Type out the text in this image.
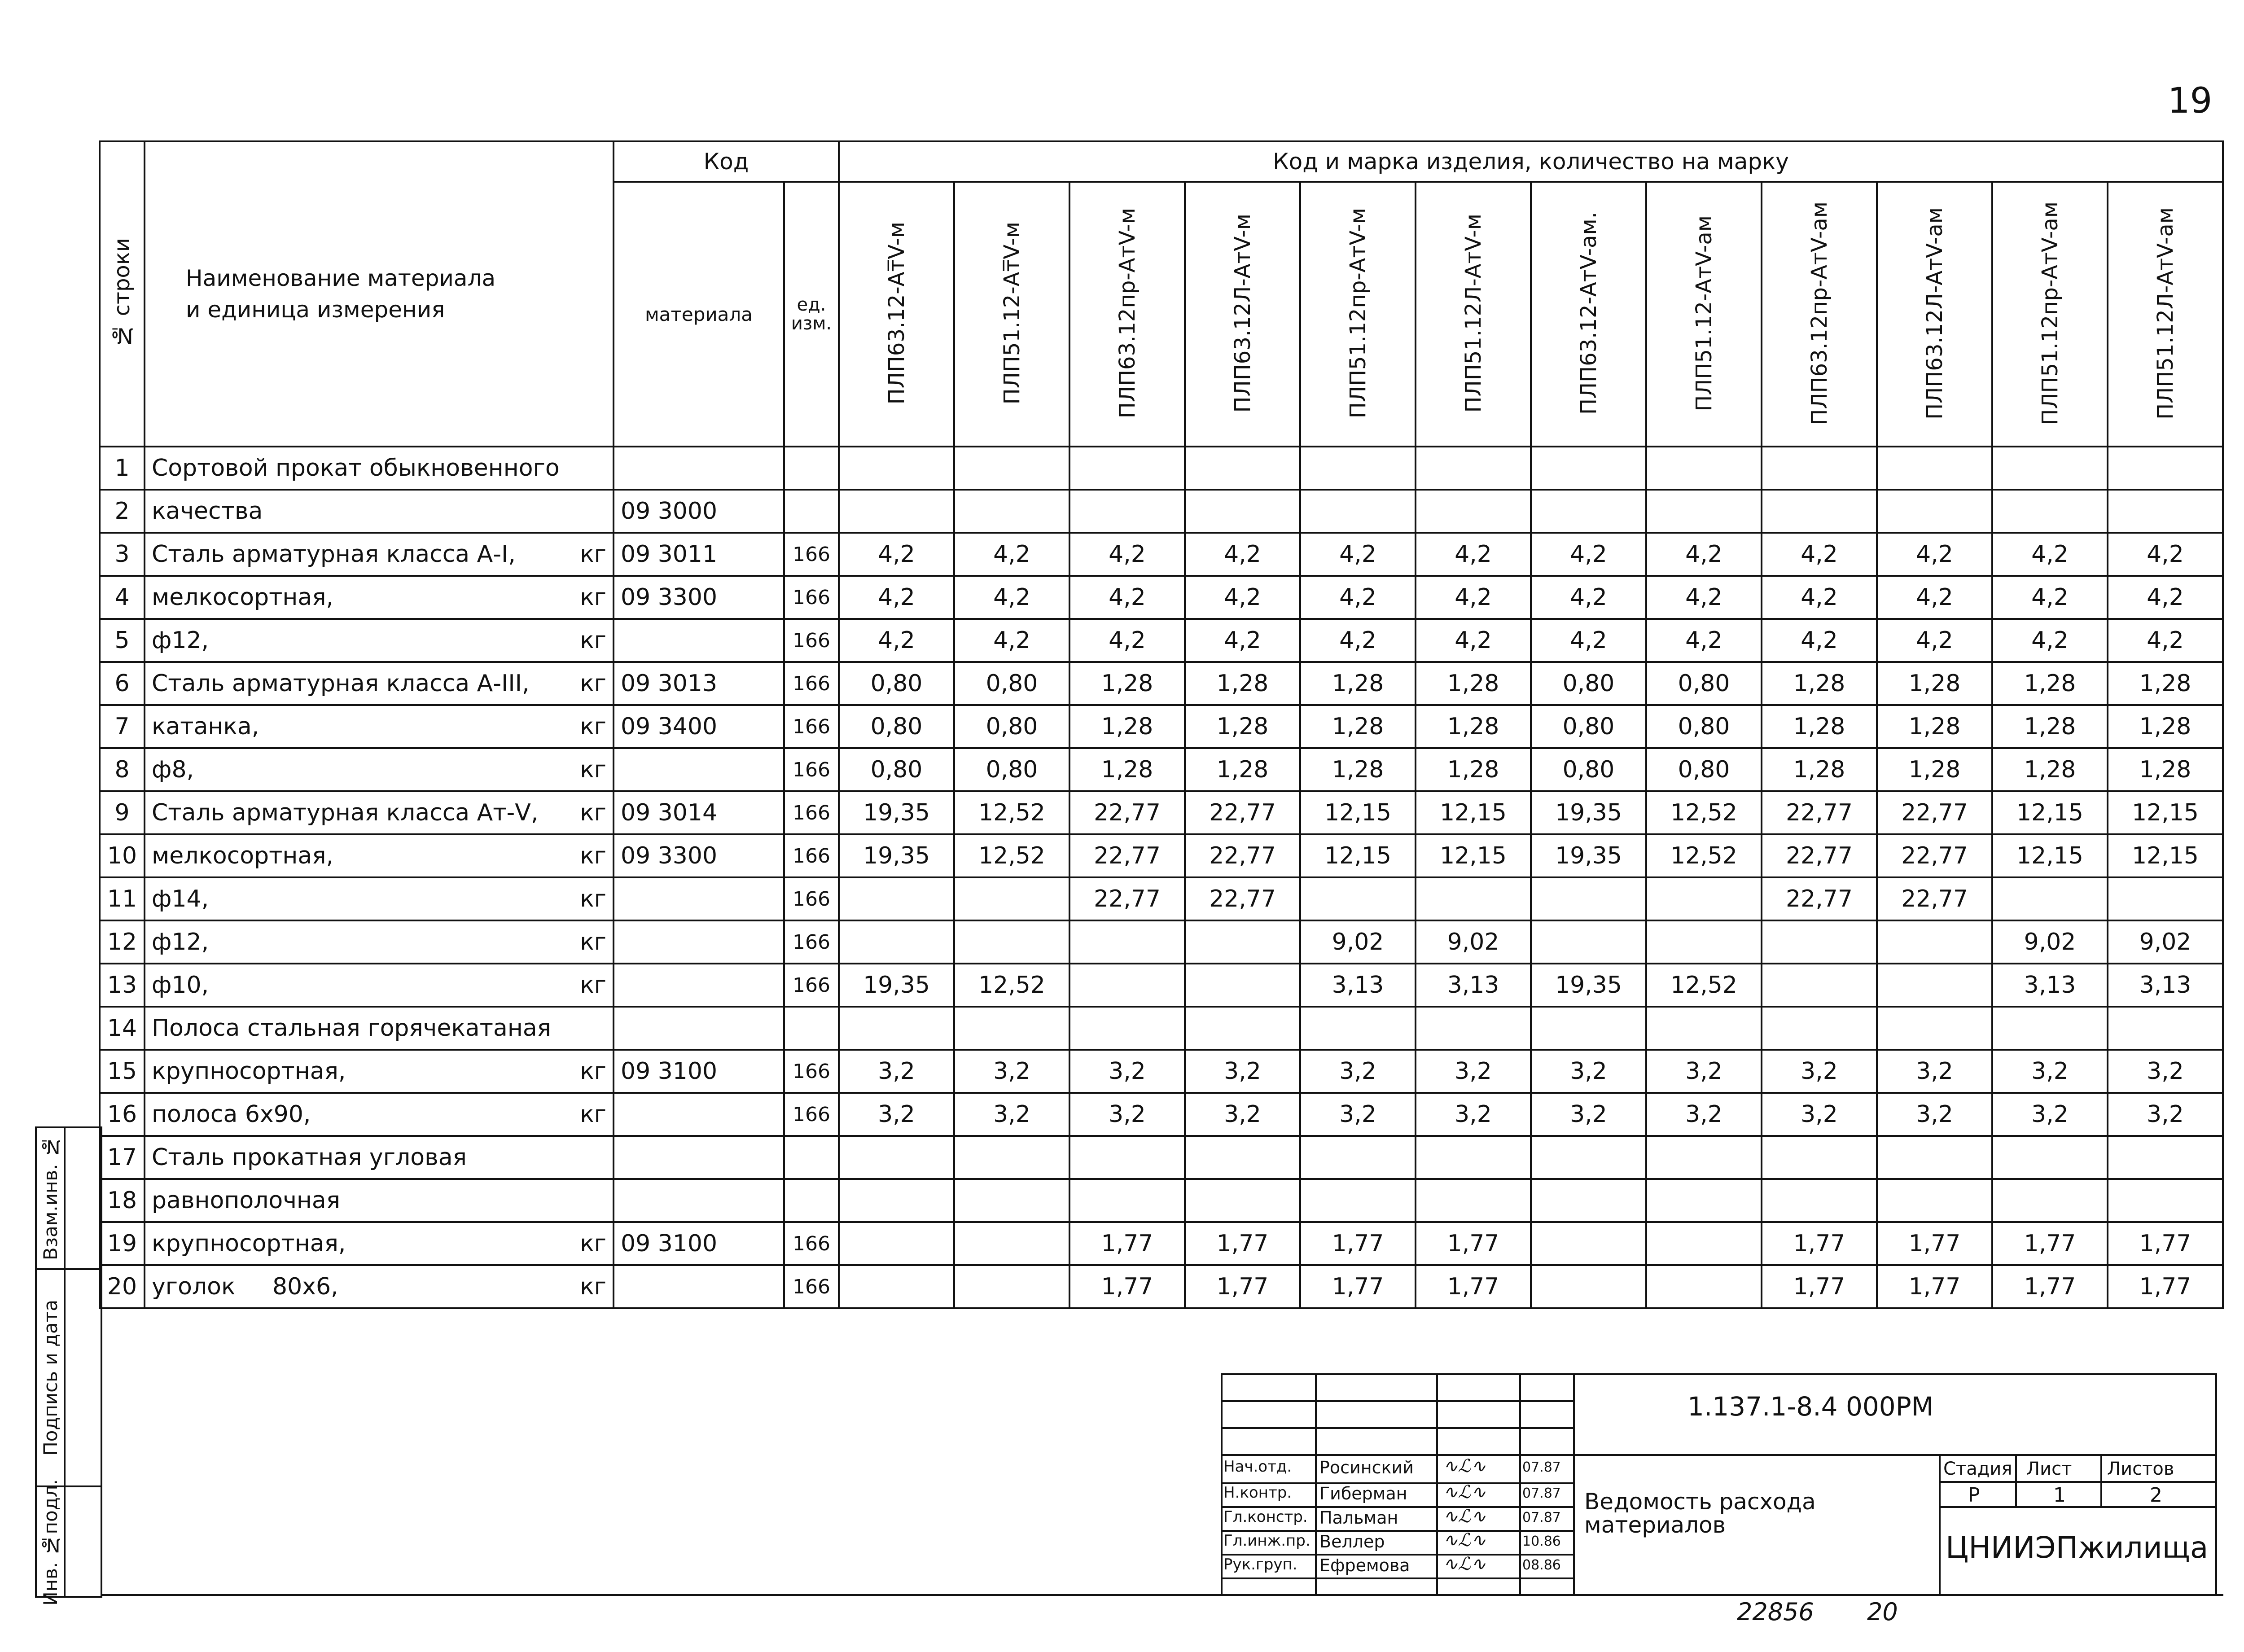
19
№ строки	Наименование материала
и единица измерения	Код		Код и марка изделия, количество на марку											
		материала	ед.
изм.	ПЛП63.12-Ат̅V-м	ПЛП51.12-Ат̅V-м	ПЛП63.12пр-АтV-м	ПЛП63.12Л-АтV-м	ПЛП51.12пр-АтV-м	ПЛП51.12Л-АтV-м	ПЛП63.12-АтV-ам.	ПЛП51.12-АтV-ам	ПЛП63.12пр-АтV-ам	ПЛП63.12Л-АтV-ам	ПЛП51.12пр-АтV-ам	ПЛП51.12Л-АтV-ам
1	Сортовой прокат обыкновенного														

2	качества	09 3000													
3	Сталь арматурная класса А-I, кг	09 3011	166	4,2	4,2	4,2	4,2	4,2	4,2	4,2	4,2	4,2	4,2	4,2	4,2
4	мелкосортная, кг	09 3300	166	4,2	4,2	4,2	4,2	4,2	4,2	4,2	4,2	4,2	4,2	4,2	4,2
5	ф12, кг		166	4,2	4,2	4,2	4,2	4,2	4,2	4,2	4,2	4,2	4,2	4,2	4,2
6	Сталь арматурная класса А-III, кг	09 3013	166	0,80	0,80	1,28	1,28	1,28	1,28	0,80	0,80	1,28	1,28	1,28	1,28
7	катанка, кг	09 3400	166	0,80	0,80	1,28	1,28	1,28	1,28	0,80	0,80	1,28	1,28	1,28	1,28
8	ф8, кг		166	0,80	0,80	1,28	1,28	1,28	1,28	0,80	0,80	1,28	1,28	1,28	1,28
9	Сталь арматурная класса Ат-V, кг	09 3014	166	19,35	12,52	22,77	22,77	12,15	12,15	19,35	12,52	22,77	22,77	12,15	12,15
10	мелкосортная, кг	09 3300	166	19,35	12,52	22,77	22,77	12,15	12,15	19,35	12,52	22,77	22,77	12,15	12,15
11	ф14, кг		166			22,77	22,77					22,77	22,77		
12	ф12, кг		166					9,02	9,02					9,02	9,02
13	ф10, кг		166	19,35	12,52			3,13	3,13	19,35	12,52			3,13	3,13
14	Полоса стальная горячекатаная														

15	крупносортная, кг	09 3100	166	3,2	3,2	3,2	3,2	3,2	3,2	3,2	3,2	3,2	3,2	3,2	3,2
16	полоса 6x90, кг		166	3,2	3,2	3,2	3,2	3,2	3,2	3,2	3,2	3,2	3,2	3,2	3,2
17	Сталь прокатная угловая														

18	равнополочная														

19	крупносортная, кг	09 3100	166			1,77	1,77	1,77	1,77			1,77	1,77	1,77	1,77
20	уголок     80x6, кг		166			1,77	1,77	1,77	1,77			1,77	1,77	1,77	1,77
Взам.инв. №
Подпись и дата
Инв. №подл.
1.137.1-8.4 000РМ
Ведомость расхода
материалов
Стадия Лист Листов
Р	1	2
ЦНИИЭПжилища
Нач.отд. Росинский ∿ℒ∿	07.87
Н.контр. Гиберман ∿ℒ∿	07.87
Гл.констр. Пальман ∿ℒ∿	07.87
Гл.инж.пр. Веллер	∿ℒ∿	10.86
Рук.груп. Ефремова ∿ℒ∿	08.86
22856 20
